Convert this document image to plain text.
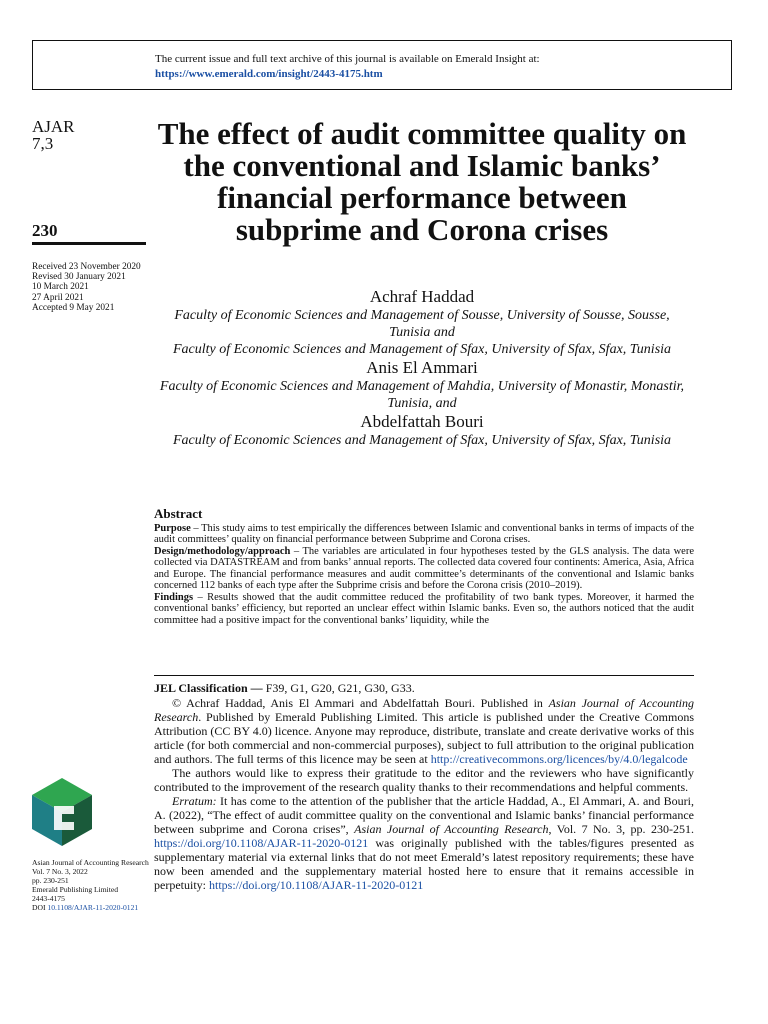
The current issue and full text archive of this journal is available on Emerald Insight at:
https://www.emerald.com/insight/2443-4175.htm
AJAR
7,3
230
Received 23 November 2020
Revised 30 January 2021
10 March 2021
27 April 2021
Accepted 9 May 2021
The effect of audit committee quality on the conventional and Islamic banks’ financial performance between subprime and Corona crises
Achraf Haddad
Faculty of Economic Sciences and Management of Sousse, University of Sousse, Sousse, Tunisia and
Faculty of Economic Sciences and Management of Sfax, University of Sfax, Sfax, Tunisia
Anis El Ammari
Faculty of Economic Sciences and Management of Mahdia, University of Monastir, Monastir, Tunisia, and
Abdelfattah Bouri
Faculty of Economic Sciences and Management of Sfax, University of Sfax, Sfax, Tunisia
Abstract

Purpose – This study aims to test empirically the differences between Islamic and conventional banks in terms of impacts of the audit committees’ quality on financial performance between Subprime and Corona crises.

Design/methodology/approach – The variables are articulated in four hypotheses tested by the GLS analysis. The data were collected via DATASTREAM and from banks’ annual reports. The collected data covered four continents: America, Asia, Africa and Europe. The financial performance measures and audit committee’s determinants of the conventional and Islamic banks concerned 112 banks of each type after the Subprime crisis and before the Corona crisis (2010–2019).

Findings – Results showed that the audit committee reduced the profitability of two bank types. Moreover, it harmed the conventional banks’ efficiency, but reported an unclear effect within Islamic banks. Even so, the authors noticed that the audit committee had a positive impact for the conventional banks’ liquidity, while the

JEL Classification — F39, G1, G20, G21, G30, G33.

© Achraf Haddad, Anis El Ammari and Abdelfattah Bouri. Published in Asian Journal of Accounting Research. Published by Emerald Publishing Limited. This article is published under the Creative Commons Attribution (CC BY 4.0) licence. Anyone may reproduce, distribute, translate and create derivative works of this article (for both commercial and non-commercial purposes), subject to full attribution to the original publication and authors. The full terms of this licence may be seen at http://creativecommons.org/licences/by/4.0/legalcode

The authors would like to express their gratitude to the editor and the reviewers who have significantly contributed to the improvement of the research quality thanks to their recommendations and helpful comments.

Erratum: It has come to the attention of the publisher that the article Haddad, A., El Ammari, A. and Bouri, A. (2022), “The effect of audit committee quality on the conventional and Islamic banks’ financial performance between subprime and Corona crises”, Asian Journal of Accounting Research, Vol. 7 No. 3, pp. 230-251. https://doi.org/10.1108/AJAR-11-2020-0121 was originally published with the tables/figures presented as supplementary material via external links that do not meet Emerald’s latest repository requirements; these have now been amended and the supplementary material hosted here to ensure that it remains accessible in perpetuity: https://doi.org/10.1108/AJAR-11-2020-0121

Asian Journal of Accounting Research
Vol. 7 No. 3, 2022
pp. 230-251
Emerald Publishing Limited
2443-4175
DOI 10.1108/AJAR-11-2020-0121
